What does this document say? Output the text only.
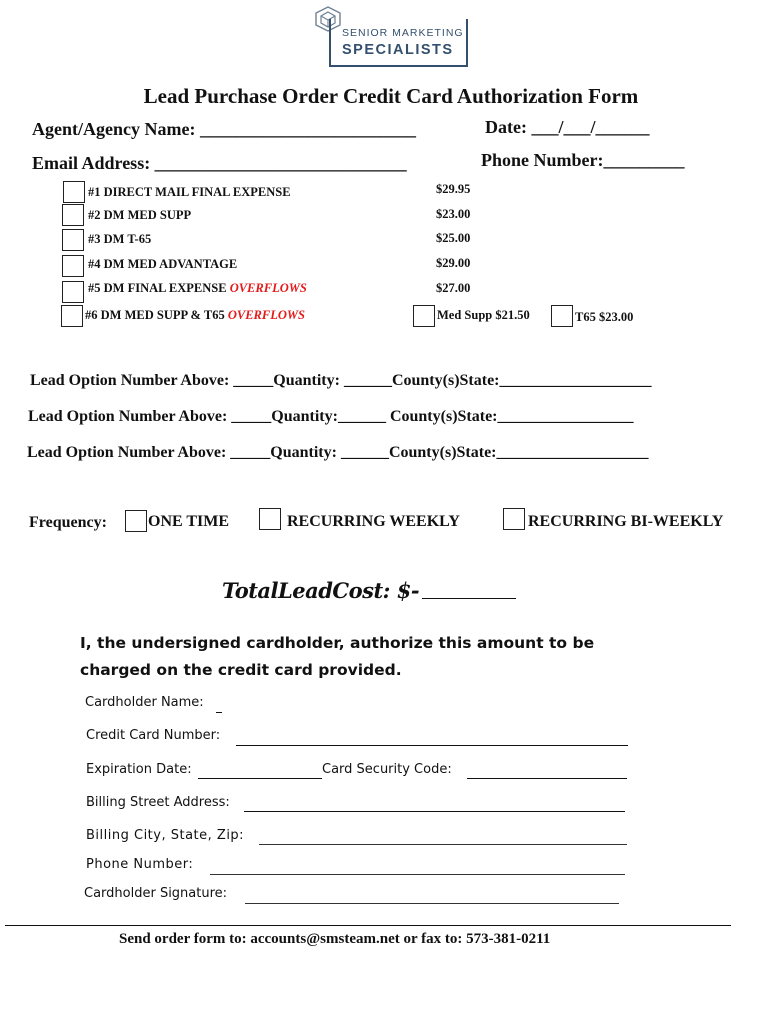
SENIOR MARKETING
SPECIALISTS
Lead Purchase Order Credit Card Authorization Form
Agent/Agency Name: ________________________	Date: ___/___/______
Email Address: ____________________________	Phone Number:_________
#1 DIRECT MAIL FINAL EXPENSE	$29.95
#2 DM MED SUPP	$23.00
#3 DM T-65	$25.00
#4 DM MED ADVANTAGE	$29.00
#5 DM FINAL EXPENSE OVERFLOWS	$27.00
#6 DM MED SUPP & T65 OVERFLOWS	Med Supp $21.50	T65 $23.00
Lead Option Number Above: _____Quantity: ______County(s)State:___________________
Lead Option Number Above: _____Quantity:______ County(s)State:_________________
Lead Option Number Above: _____Quantity: ______County(s)State:___________________
Frequency:	ONE TIME	RECURRING WEEKLY	RECURRING BI-WEEKLY
TotalLeadCost: $-
I, the undersigned cardholder, authorize this amount to be
charged on the credit card provided.
Cardholder Name:
Credit Card Number:
Expiration Date:	Card Security Code:
Billing Street Address:
Billing City, State, Zip:
Phone Number:
Cardholder Signature:
Send order form to: accounts@smsteam.net or fax to: 573-381-0211
